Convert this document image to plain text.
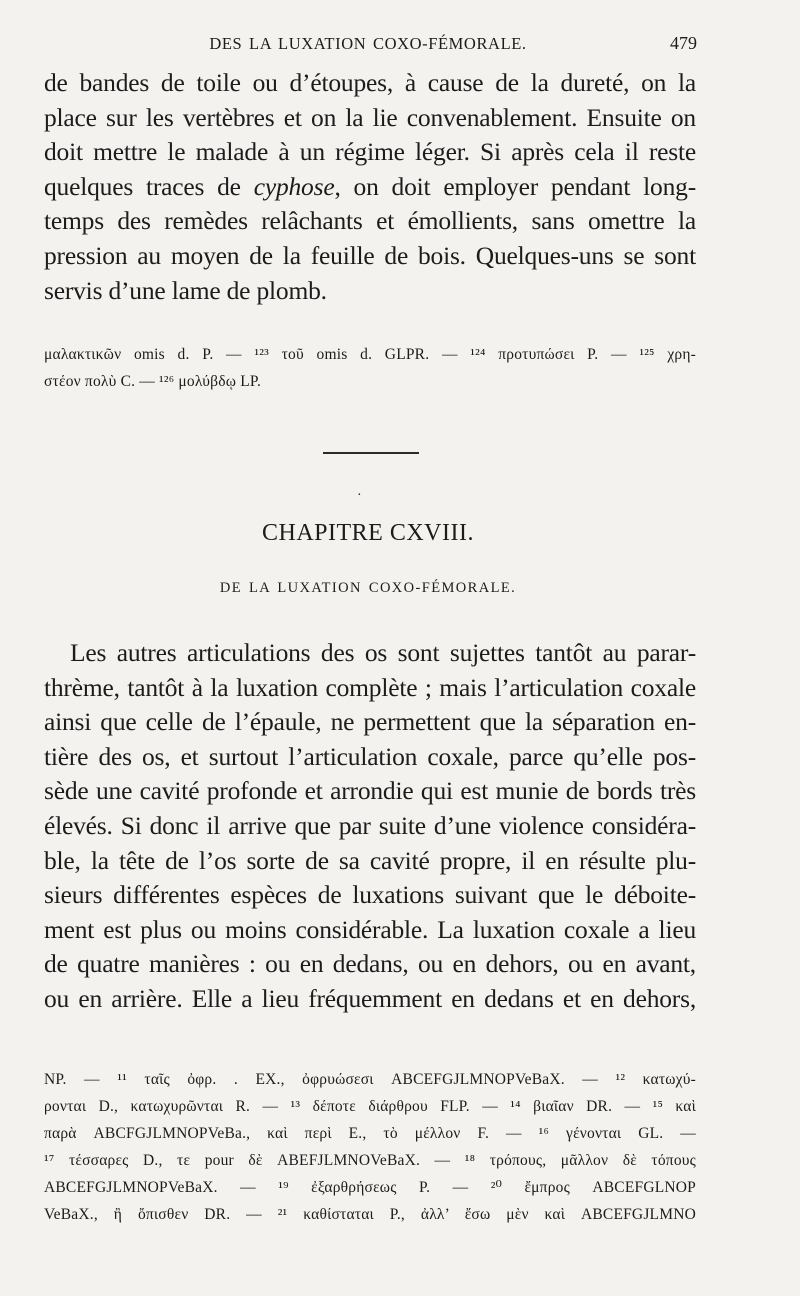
DES LA LUXATION COXO-FÉMORALE.	479
de bandes de toile ou d’étoupes, à cause de la dureté, on la
place sur les vertèbres et on la lie convenablement. Ensuite on
doit mettre le malade à un régime léger. Si après cela il reste
quelques traces de cyphose, on doit employer pendant long-
temps des remèdes relâchants et émollients, sans omettre la
pression au moyen de la feuille de bois. Quelques-uns se sont
servis d’une lame de plomb.
μαλακτικῶν omis d. P. — ¹²³ τοῦ omis d. GLPR. — ¹²⁴ προτυπώσει P. — ¹²⁵ χρη-
στέον πολὺ C. — ¹²⁶ μολύβδῳ LP.
·
CHAPITRE CXVIII.
DE LA LUXATION COXO-FÉMORALE.
Les autres articulations des os sont sujettes tantôt au parar-
thrème, tantôt à la luxation complète ; mais l’articulation coxale
ainsi que celle de l’épaule, ne permettent que la séparation en-
tière des os, et surtout l’articulation coxale, parce qu’elle pos-
sède une cavité profonde et arrondie qui est munie de bords très
élevés. Si donc il arrive que par suite d’une violence considéra-
ble, la tête de l’os sorte de sa cavité propre, il en résulte plu-
sieurs différentes espèces de luxations suivant que le déboite-
ment est plus ou moins considérable. La luxation coxale a lieu
de quatre manières : ou en dedans, ou en dehors, ou en avant,
ou en arrière. Elle a lieu fréquemment en dedans et en dehors,
NP. — ¹¹ ταῖς ὀφρ. . EX., ὀφρυώσεσι ABCEFGJLMNOPVeBaX. — ¹² κατωχύ-
ρονται D., κατωχυρῶνται R. — ¹³ δέποτε διάρθρου FLP. — ¹⁴ βιαῖαν DR. — ¹⁵ καὶ
παρὰ ABCFGJLMNOPVeBa., καὶ περὶ E., τὸ μέλλον F. — ¹⁶ γένονται GL. —
¹⁷ τέσσαρες D., τε pour δὲ ABEFJLMNOVeBaX. — ¹⁸ τρόπους, μᾶλλον δὲ τόπους
ABCEFGJLMNOPVeBaX. — ¹⁹ ἐξαρθρήσεως P. — ²⁰ ἔμπρος ABCEFGLNOP
VeBaX., ἢ ὄπισθεν DR. — ²¹ καθίσταται P., ἀλλ’ ἔσω μὲν καὶ ABCEFGJLMNO
